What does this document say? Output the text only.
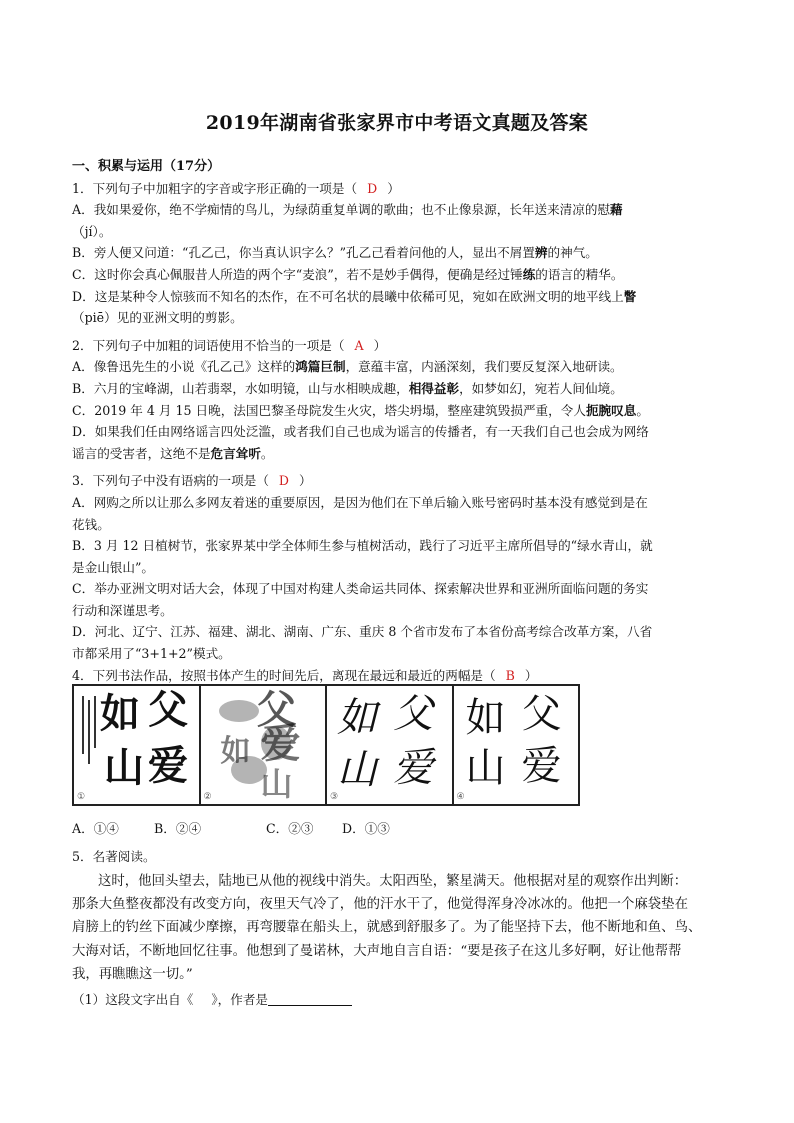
2019年湖南省张家界市中考语文真题及答案
一、积累与运用（17分）
1．下列句子中加粗字的字音或字形正确的一项是（ D ）
A．我如果爱你，绝不学痴情的鸟儿，为绿荫重复单调的歌曲；也不止像泉源，长年送来清凉的慰藉
（jí）。
B．旁人便又问道：“孔乙己，你当真认识字么？”孔乙己看着问他的人，显出不屑置辨的神气。
C．这时你会真心佩服昔人所造的两个字“麦浪”，若不是妙手偶得，便确是经过锤练的语言的精华。
D．这是某种令人惊骇而不知名的杰作，在不可名状的晨曦中依稀可见，宛如在欧洲文明的地平线上瞥
（piē）见的亚洲文明的剪影。
2．下列句子中加粗的词语使用不恰当的一项是（ A ）
A．像鲁迅先生的小说《孔乙己》这样的鸿篇巨制，意蕴丰富，内涵深刻，我们要反复深入地研读。
B．六月的宝峰湖，山若翡翠，水如明镜，山与水相映成趣，相得益彰，如梦如幻，宛若人间仙境。
C．2019 年 4 月 15 日晚，法国巴黎圣母院发生火灾，塔尖坍塌，整座建筑毁损严重，令人扼腕叹息。
D．如果我们任由网络谣言四处泛滥，或者我们自己也成为谣言的传播者，有一天我们自己也会成为网络
谣言的受害者，这绝不是危言耸听。
3．下列句子中没有语病的一项是（ D ）
A．网购之所以让那么多网友着迷的重要原因，是因为他们在下单后输入账号密码时基本没有感觉到是在
花钱。
B．3 月 12 日植树节，张家界某中学全体师生参与植树活动，践行了习近平主席所倡导的“绿水青山，就
是金山银山”。
C．举办亚洲文明对话大会，体现了中国对构建人类命运共同体、探索解决世界和亚洲所面临问题的务实
行动和深谨思考。
D．河北、辽宁、江苏、福建、湖北、湖南、广东、重庆 8 个省市发布了本省份高考综合改革方案，八省
市都采用了“3+1+2”模式。
4．下列书法作品，按照书体产生的时间先后，离现在最远和最近的两幅是（ B ）
如 父
山 爱
①
父
爱
如
山
②
如 父
山 爱
③
如 父
山 爱
④
A．①④	B．②④	C．②③ D．①③
5．名著阅读。
这时，他回头望去，陆地已从他的视线中消失。太阳西坠，繁星满天。他根据对星的观察作出判断：
那条大鱼整夜都没有改变方向，夜里天气冷了，他的汗水干了，他觉得浑身冷冰冰的。他把一个麻袋垫在
肩膀上的钓丝下面减少摩擦，再弯腰靠在船头上，就感到舒服多了。为了能坚持下去，他不断地和鱼、鸟、
大海对话，不断地回忆往事。他想到了曼诺林，大声地自言自语：“要是孩子在这儿多好啊，好让他帮帮
我，再瞧瞧这一切。”
（1）这段文字出自《 》，作者是
